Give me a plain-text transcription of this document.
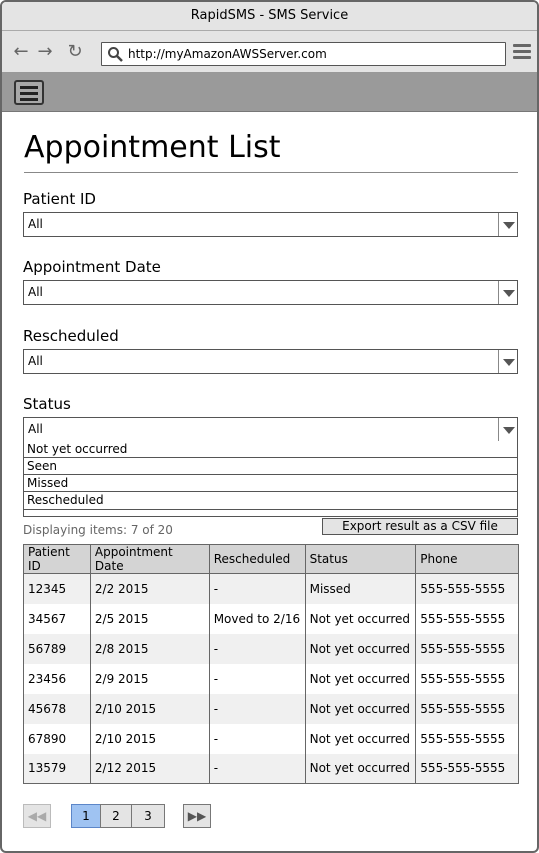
RapidSMS - SMS Service
← → ↻	http://myAmazonAWSServer.com
Appointment List
Patient ID
All
Appointment Date
All
Rescheduled
All
Status
All
Not yet occurred
Seen
Missed
Rescheduled
Displaying items: 7 of 20	Export result as a CSV file
Patient ID	Appointment Date	Rescheduled	Status	Phone
12345	2/2 2015	-	Missed	555-555-5555
34567	2/5 2015	Moved to 2/16	Not yet occurred	555-555-5555
56789	2/8 2015	-	Not yet occurred	555-555-5555
23456	2/9 2015	-	Not yet occurred	555-555-5555
45678	2/10 2015	-	Not yet occurred	555-555-5555
67890	2/10 2015	-	Not yet occurred	555-555-5555
13579	2/12 2015	-	Not yet occurred	555-555-5555
◀◀	1	2	3	▶▶
